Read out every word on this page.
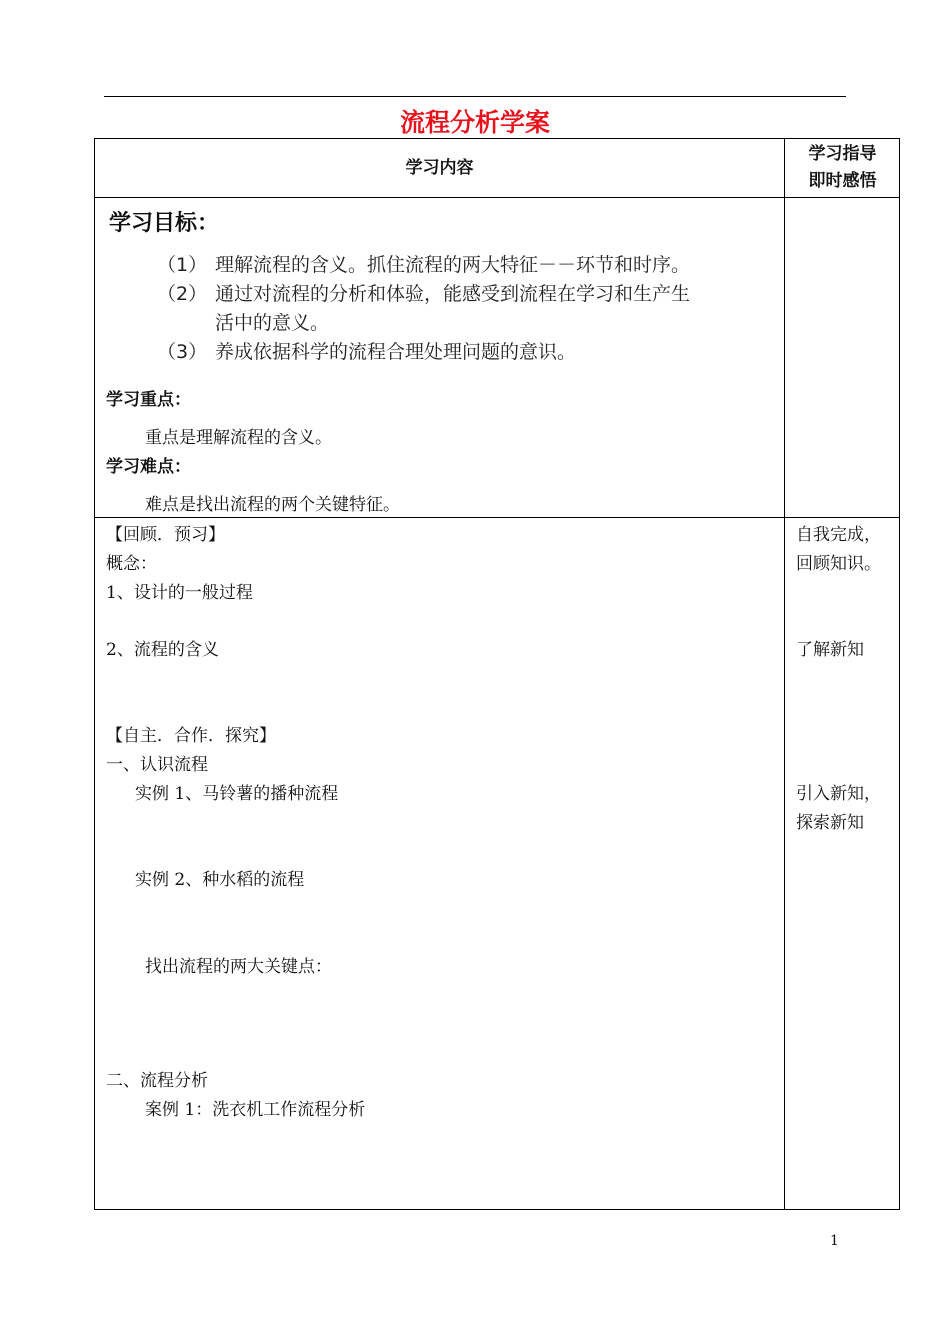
流程分析学案
学习内容
学习指导
即时感悟
学习目标：
（1） 理解流程的含义。抓住流程的两大特征－－环节和时序。
（2） 通过对流程的分析和体验，能感受到流程在学习和生产生
活中的意义。
（3） 养成依据科学的流程合理处理问题的意识。
学习重点：
重点是理解流程的含义。
学习难点：
难点是找出流程的两个关键特征。
【回顾．预习】
概念：
1、设计的一般过程
2、流程的含义
【自主．合作．探究】
一、认识流程
实例 1、马铃薯的播种流程
实例 2、种水稻的流程
找出流程的两大关键点：
二、流程分析
案例 1：洗衣机工作流程分析
自我完成，
回顾知识。
了解新知
引入新知，
探索新知
1
